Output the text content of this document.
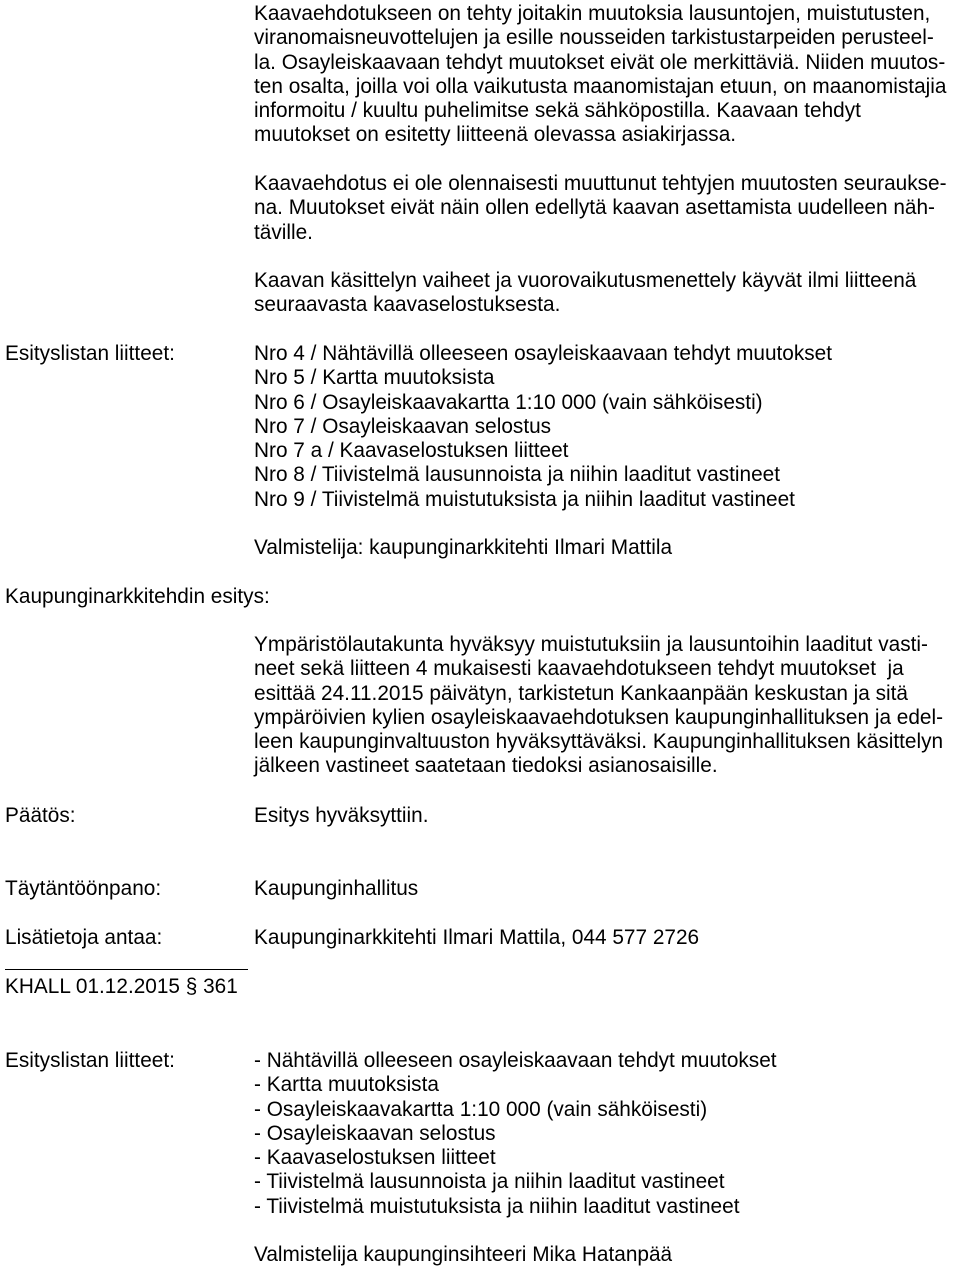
Kaavaehdotukseen on tehty joitakin muutoksia lausuntojen, muistutusten,
viranomaisneuvottelujen ja esille nousseiden tarkistustarpeiden perusteel-
la. Osayleiskaavaan tehdyt muutokset eivät ole merkittäviä. Niiden muutos-
ten osalta, joilla voi olla vaikutusta maanomistajan etuun, on maanomistajia
informoitu / kuultu puhelimitse sekä sähköpostilla. Kaavaan tehdyt
muutokset on esitetty liitteenä olevassa asiakirjassa.
Kaavaehdotus ei ole olennaisesti muuttunut tehtyjen muutosten seuraukse-
na. Muutokset eivät näin ollen edellytä kaavan asettamista uudelleen näh-
täville.
Kaavan käsittelyn vaiheet ja vuorovaikutusmenettely käyvät ilmi liitteenä
seuraavasta kaavaselostuksesta.
Esityslistan liitteet:	Nro 4 / Nähtävillä olleeseen osayleiskaavaan tehdyt muutokset
Nro 5 / Kartta muutoksista
Nro 6 / Osayleiskaavakartta 1:10 000 (vain sähköisesti)
Nro 7 / Osayleiskaavan selostus
Nro 7 a / Kaavaselostuksen liitteet
Nro 8 / Tiivistelmä lausunnoista ja niihin laaditut vastineet
Nro 9 / Tiivistelmä muistutuksista ja niihin laaditut vastineet
Valmistelija: kaupunginarkkitehti Ilmari Mattila
Kaupunginarkkitehdin esitys:
Ympäristölautakunta hyväksyy muistutuksiin ja lausuntoihin laaditut vasti-
neet sekä liitteen 4 mukaisesti kaavaehdotukseen tehdyt muutokset  ja
esittää 24.11.2015 päivätyn, tarkistetun Kankaanpään keskustan ja sitä
ympäröivien kylien osayleiskaavaehdotuksen kaupunginhallituksen ja edel-
leen kaupunginvaltuuston hyväksyttäväksi. Kaupunginhallituksen käsittelyn
jälkeen vastineet saatetaan tiedoksi asianosaisille.
Päätös:	Esitys hyväksyttiin.
Täytäntöönpano:	Kaupunginhallitus
Lisätietoja antaa:	Kaupunginarkkitehti Ilmari Mattila, 044 577 2726
KHALL 01.12.2015 § 361
Esityslistan liitteet:	- Nähtävillä olleeseen osayleiskaavaan tehdyt muutokset
- Kartta muutoksista
- Osayleiskaavakartta 1:10 000 (vain sähköisesti)
- Osayleiskaavan selostus
- Kaavaselostuksen liitteet
- Tiivistelmä lausunnoista ja niihin laaditut vastineet
- Tiivistelmä muistutuksista ja niihin laaditut vastineet
Valmistelija kaupunginsihteeri Mika Hatanpää
